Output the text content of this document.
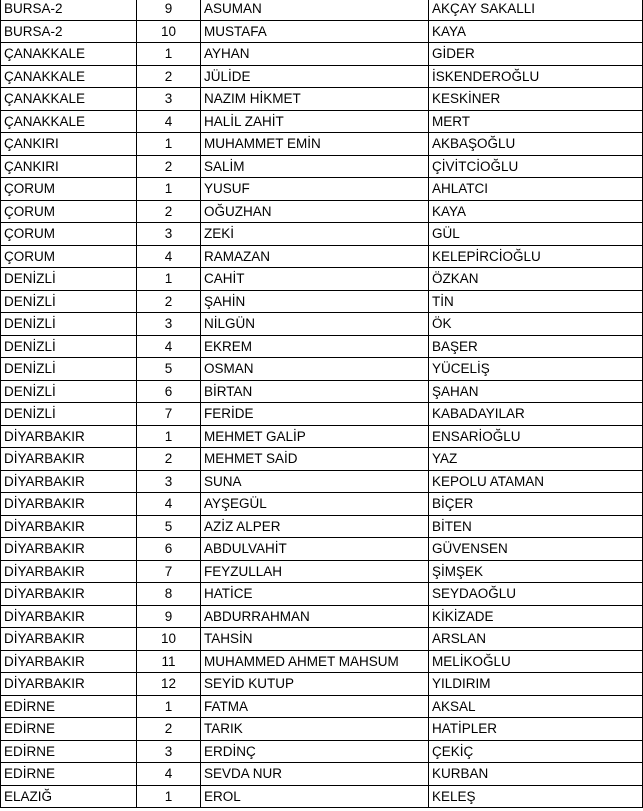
BURSA-2	9	ASUMAN	AKÇAY SAKALLI
BURSA-2	10	MUSTAFA	KAYA
ÇANAKKALE	1	AYHAN	GİDER
ÇANAKKALE	2	JÜLİDE	İSKENDEROĞLU
ÇANAKKALE	3	NAZIM HİKMET	KESKİNER
ÇANAKKALE	4	HALİL ZAHİT	MERT
ÇANKIRI	1	MUHAMMET EMİN	AKBAŞOĞLU
ÇANKIRI	2	SALİM	ÇİVİTCİOĞLU
ÇORUM	1	YUSUF	AHLATCI
ÇORUM	2	OĞUZHAN	KAYA
ÇORUM	3	ZEKİ	GÜL
ÇORUM	4	RAMAZAN	KELEPİRCİOĞLU
DENİZLİ	1	CAHİT	ÖZKAN
DENİZLİ	2	ŞAHİN	TİN
DENİZLİ	3	NİLGÜN	ÖK
DENİZLİ	4	EKREM	BAŞER
DENİZLİ	5	OSMAN	YÜCELİŞ
DENİZLİ	6	BİRTAN	ŞAHAN
DENİZLİ	7	FERİDE	KABADAYILAR
DİYARBAKIR	1	MEHMET GALİP	ENSARİOĞLU
DİYARBAKIR	2	MEHMET SAİD	YAZ
DİYARBAKIR	3	SUNA	KEPOLU ATAMAN
DİYARBAKIR	4	AYŞEGÜL	BİÇER
DİYARBAKIR	5	AZİZ ALPER	BİTEN
DİYARBAKIR	6	ABDULVAHİT	GÜVENSEN
DİYARBAKIR	7	FEYZULLAH	ŞİMŞEK
DİYARBAKIR	8	HATİCE	SEYDAOĞLU
DİYARBAKIR	9	ABDURRAHMAN	KİKİZADE
DİYARBAKIR	10	TAHSİN	ARSLAN
DİYARBAKIR	11	MUHAMMED AHMET MAHSUM	MELİKOĞLU
DİYARBAKIR	12	SEYİD KUTUP	YILDIRIM
EDİRNE	1	FATMA	AKSAL
EDİRNE	2	TARIK	HATİPLER
EDİRNE	3	ERDİNÇ	ÇEKİÇ
EDİRNE	4	SEVDA NUR	KURBAN
ELAZIĞ	1	EROL	KELEŞ
